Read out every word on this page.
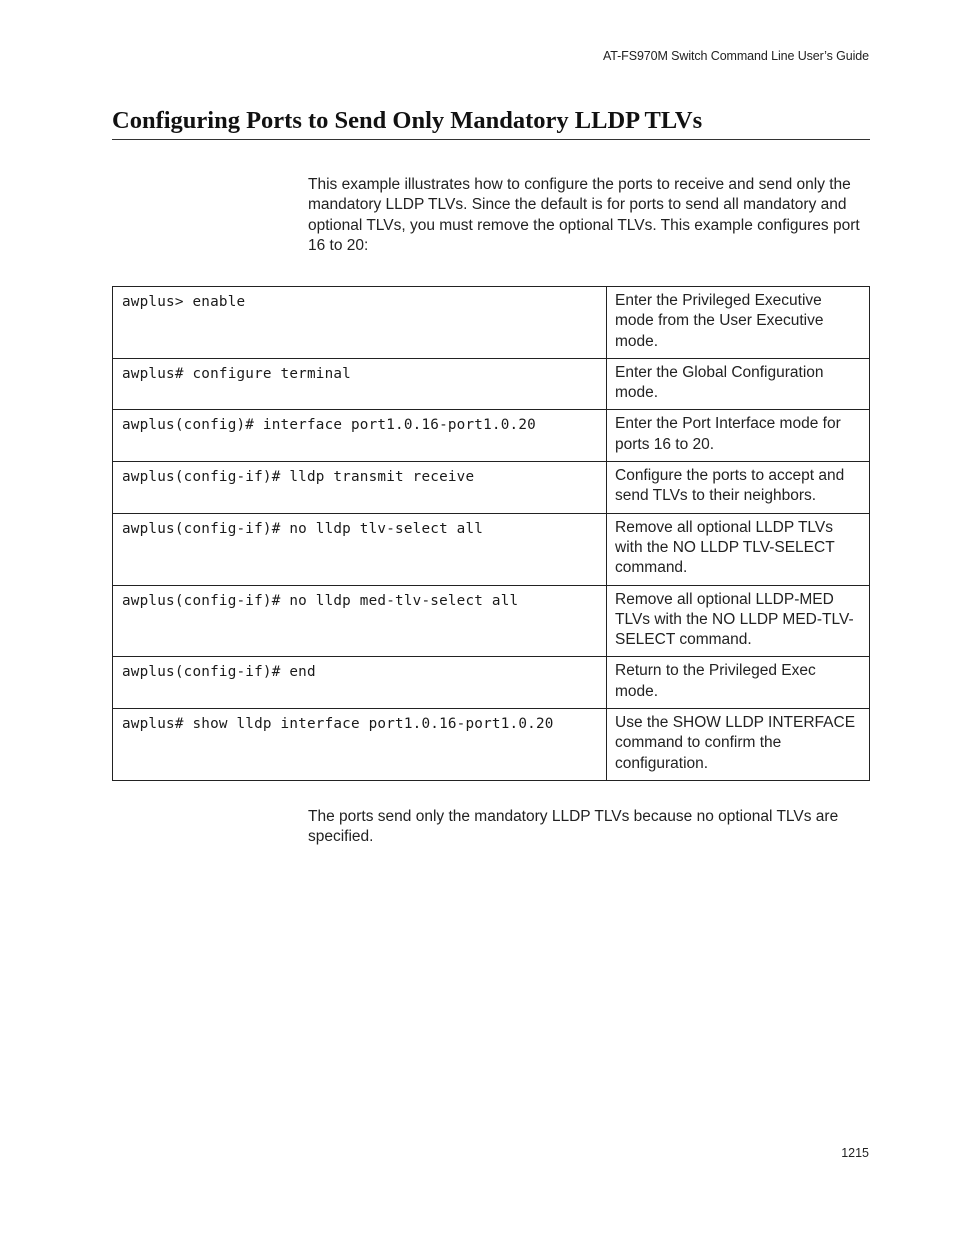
AT-FS970M Switch Command Line User’s Guide
Configuring Ports to Send Only Mandatory LLDP TLVs

This example illustrates how to configure the ports to receive and send only the mandatory LLDP TLVs. Since the default is for ports to send all mandatory and optional TLVs, you must remove the optional TLVs. This example configures port 16 to 20:

awplus> enable	Enter the Privileged Executive mode from the User Executive mode.
awplus# configure terminal	Enter the Global Configuration mode.
awplus(config)# interface port1.0.16-port1.0.20	Enter the Port Interface mode for ports 16 to 20.
awplus(config-if)# lldp transmit receive	Configure the ports to accept and send TLVs to their neighbors.
awplus(config-if)# no lldp tlv-select all	Remove all optional LLDP TLVs with the NO LLDP TLV-SELECT command.
awplus(config-if)# no lldp med-tlv-select all	Remove all optional LLDP-MED TLVs with the NO LLDP MED-TLV-SELECT command.
awplus(config-if)# end	Return to the Privileged Exec mode.
awplus# show lldp interface port1.0.16-port1.0.20	Use the SHOW LLDP INTERFACE command to confirm the configuration.

The ports send only the mandatory LLDP TLVs because no optional TLVs are specified.

1215
